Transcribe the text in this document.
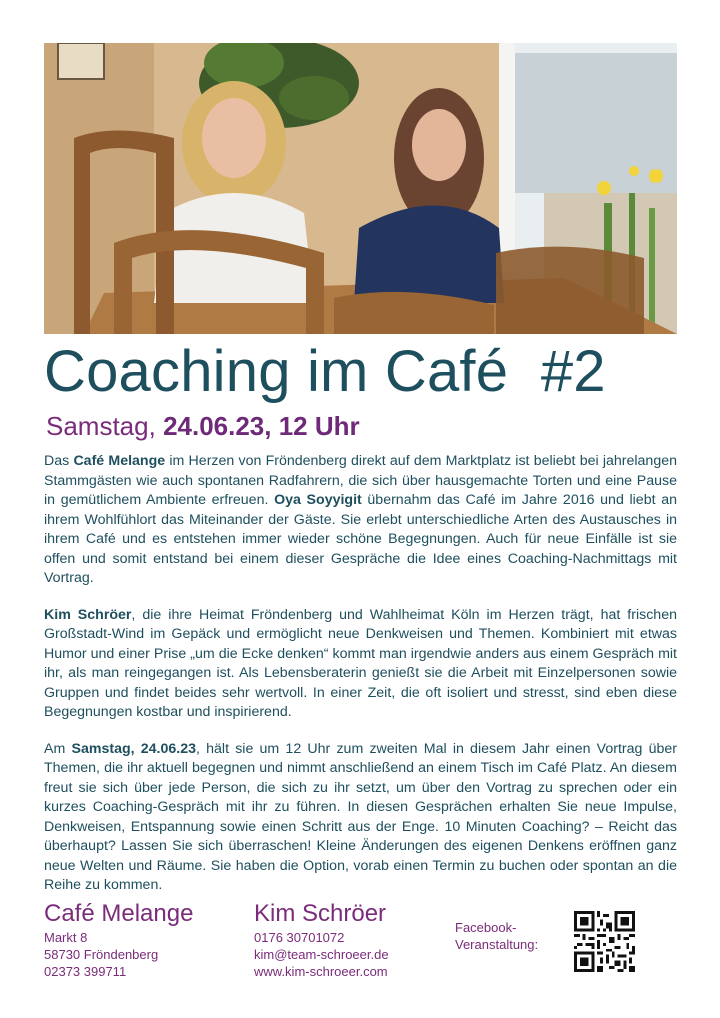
Coaching im Café  #2
Samstag, 24.06.23, 12 Uhr

Das Café Melange im Herzen von Fröndenberg direkt auf dem Marktplatz ist beliebt bei jahrelangen Stammgästen wie auch spontanen Radfahrern, die sich über hausgemachte Torten und eine Pause in gemütlichem Ambiente erfreuen. Oya Soyyigit übernahm das Café im Jahre 2016 und liebt an ihrem Wohlfühlort das Miteinander der Gäste. Sie erlebt unterschiedliche Arten des Austausches in ihrem Café und es entstehen immer wieder schöne Begegnungen. Auch für neue Einfälle ist sie offen und somit entstand bei einem dieser Gespräche die Idee eines Coaching-Nachmittags mit Vortrag.

Kim Schröer, die ihre Heimat Fröndenberg und Wahlheimat Köln im Herzen trägt, hat frischen Großstadt-Wind im Gepäck und ermöglicht neue Denkweisen und Themen. Kombiniert mit etwas Humor und einer Prise „um die Ecke denken“ kommt man irgendwie anders aus einem Gespräch mit ihr, als man reingegangen ist. Als Lebensberaterin genießt sie die Arbeit mit Einzelpersonen sowie Gruppen und findet beides sehr wertvoll. In einer Zeit, die oft isoliert und stresst, sind eben diese Begegnungen kostbar und inspirierend.

Am Samstag, 24.06.23, hält sie um 12 Uhr zum zweiten Mal in diesem Jahr einen Vortrag über Themen, die ihr aktuell begegnen und nimmt anschließend an einem Tisch im Café Platz. An diesem freut sie sich über jede Person, die sich zu ihr setzt, um über den Vortrag zu sprechen oder ein kurzes Coaching-Gespräch mit ihr zu führen. In diesen Gesprächen erhalten Sie neue Impulse, Denkweisen, Entspannung sowie einen Schritt aus der Enge. 10 Minuten Coaching? – Reicht das überhaupt? Lassen Sie sich überraschen! Kleine Änderungen des eigenen Denkens eröffnen ganz neue Welten und Räume. Sie haben die Option, vorab einen Termin zu buchen oder spontan an die Reihe zu kommen.

Café Melange
Markt 8
58730 Fröndenberg
02373 399711
Kim Schröer
0176 30701072
kim@team-schroeer.de
www.kim-schroeer.com
Facebook-
Veranstaltung:
